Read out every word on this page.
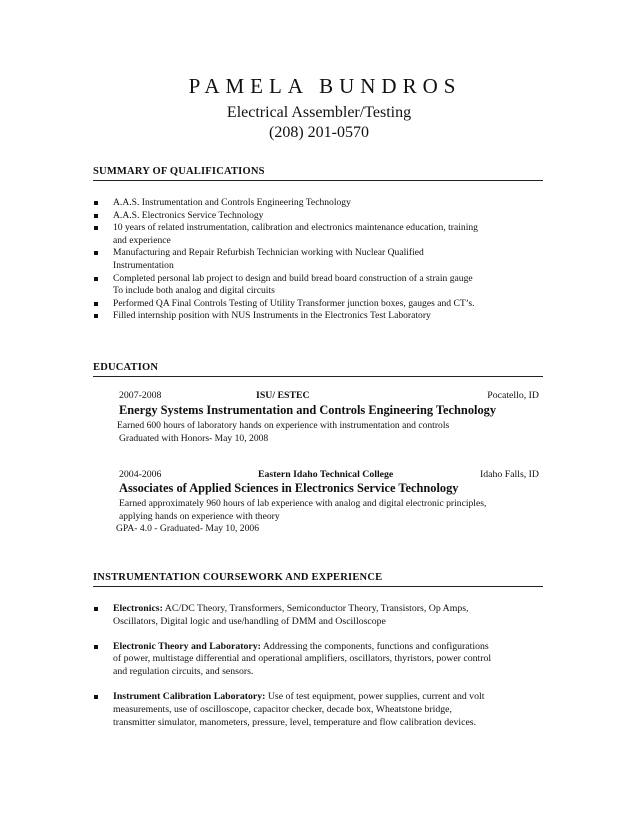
PAMELA BUNDROS
Electrical Assembler/Testing
(208) 201-0570
SUMMARY OF QUALIFICATIONS
A.A.S. Instrumentation and Controls Engineering Technology
A.A.S. Electronics Service Technology
10 years of related instrumentation, calibration and electronics maintenance education, training
and experience
Manufacturing and Repair Refurbish Technician working with Nuclear Qualified
Instrumentation
Completed personal lab project to design and build bread board construction of a strain gauge
To include both analog and digital circuits
Performed QA Final Controls Testing of Utility Transformer junction boxes, gauges and CT’s.
Filled internship position with NUS Instruments in the Electronics Test Laboratory
EDUCATION
2007-2008	ISU/ ESTEC	Pocatello, ID
Energy Systems Instrumentation and Controls Engineering Technology
Earned 600 hours of laboratory hands on experience with instrumentation and controls
Graduated with Honors- May 10, 2008
2004-2006	Eastern Idaho Technical College	Idaho Falls, ID
Associates of Applied Sciences in Electronics Service Technology
Earned approximately 960 hours of lab experience with analog and digital electronic principles,
applying hands on experience with theory
GPA- 4.0 - Graduated- May 10, 2006
INSTRUMENTATION COURSEWORK AND EXPERIENCE
Electronics: AC/DC Theory, Transformers, Semiconductor Theory, Transistors, Op Amps,
Oscillators, Digital logic and use/handling of DMM and Oscilloscope
Electronic Theory and Laboratory: Addressing the components, functions and configurations
of power, multistage differential and operational amplifiers, oscillators, thyristors, power control
and regulation circuits, and sensors.
Instrument Calibration Laboratory: Use of test equipment, power supplies, current and volt
measurements, use of oscilloscope, capacitor checker, decade box, Wheatstone bridge,
transmitter simulator, manometers, pressure, level, temperature and flow calibration devices.
